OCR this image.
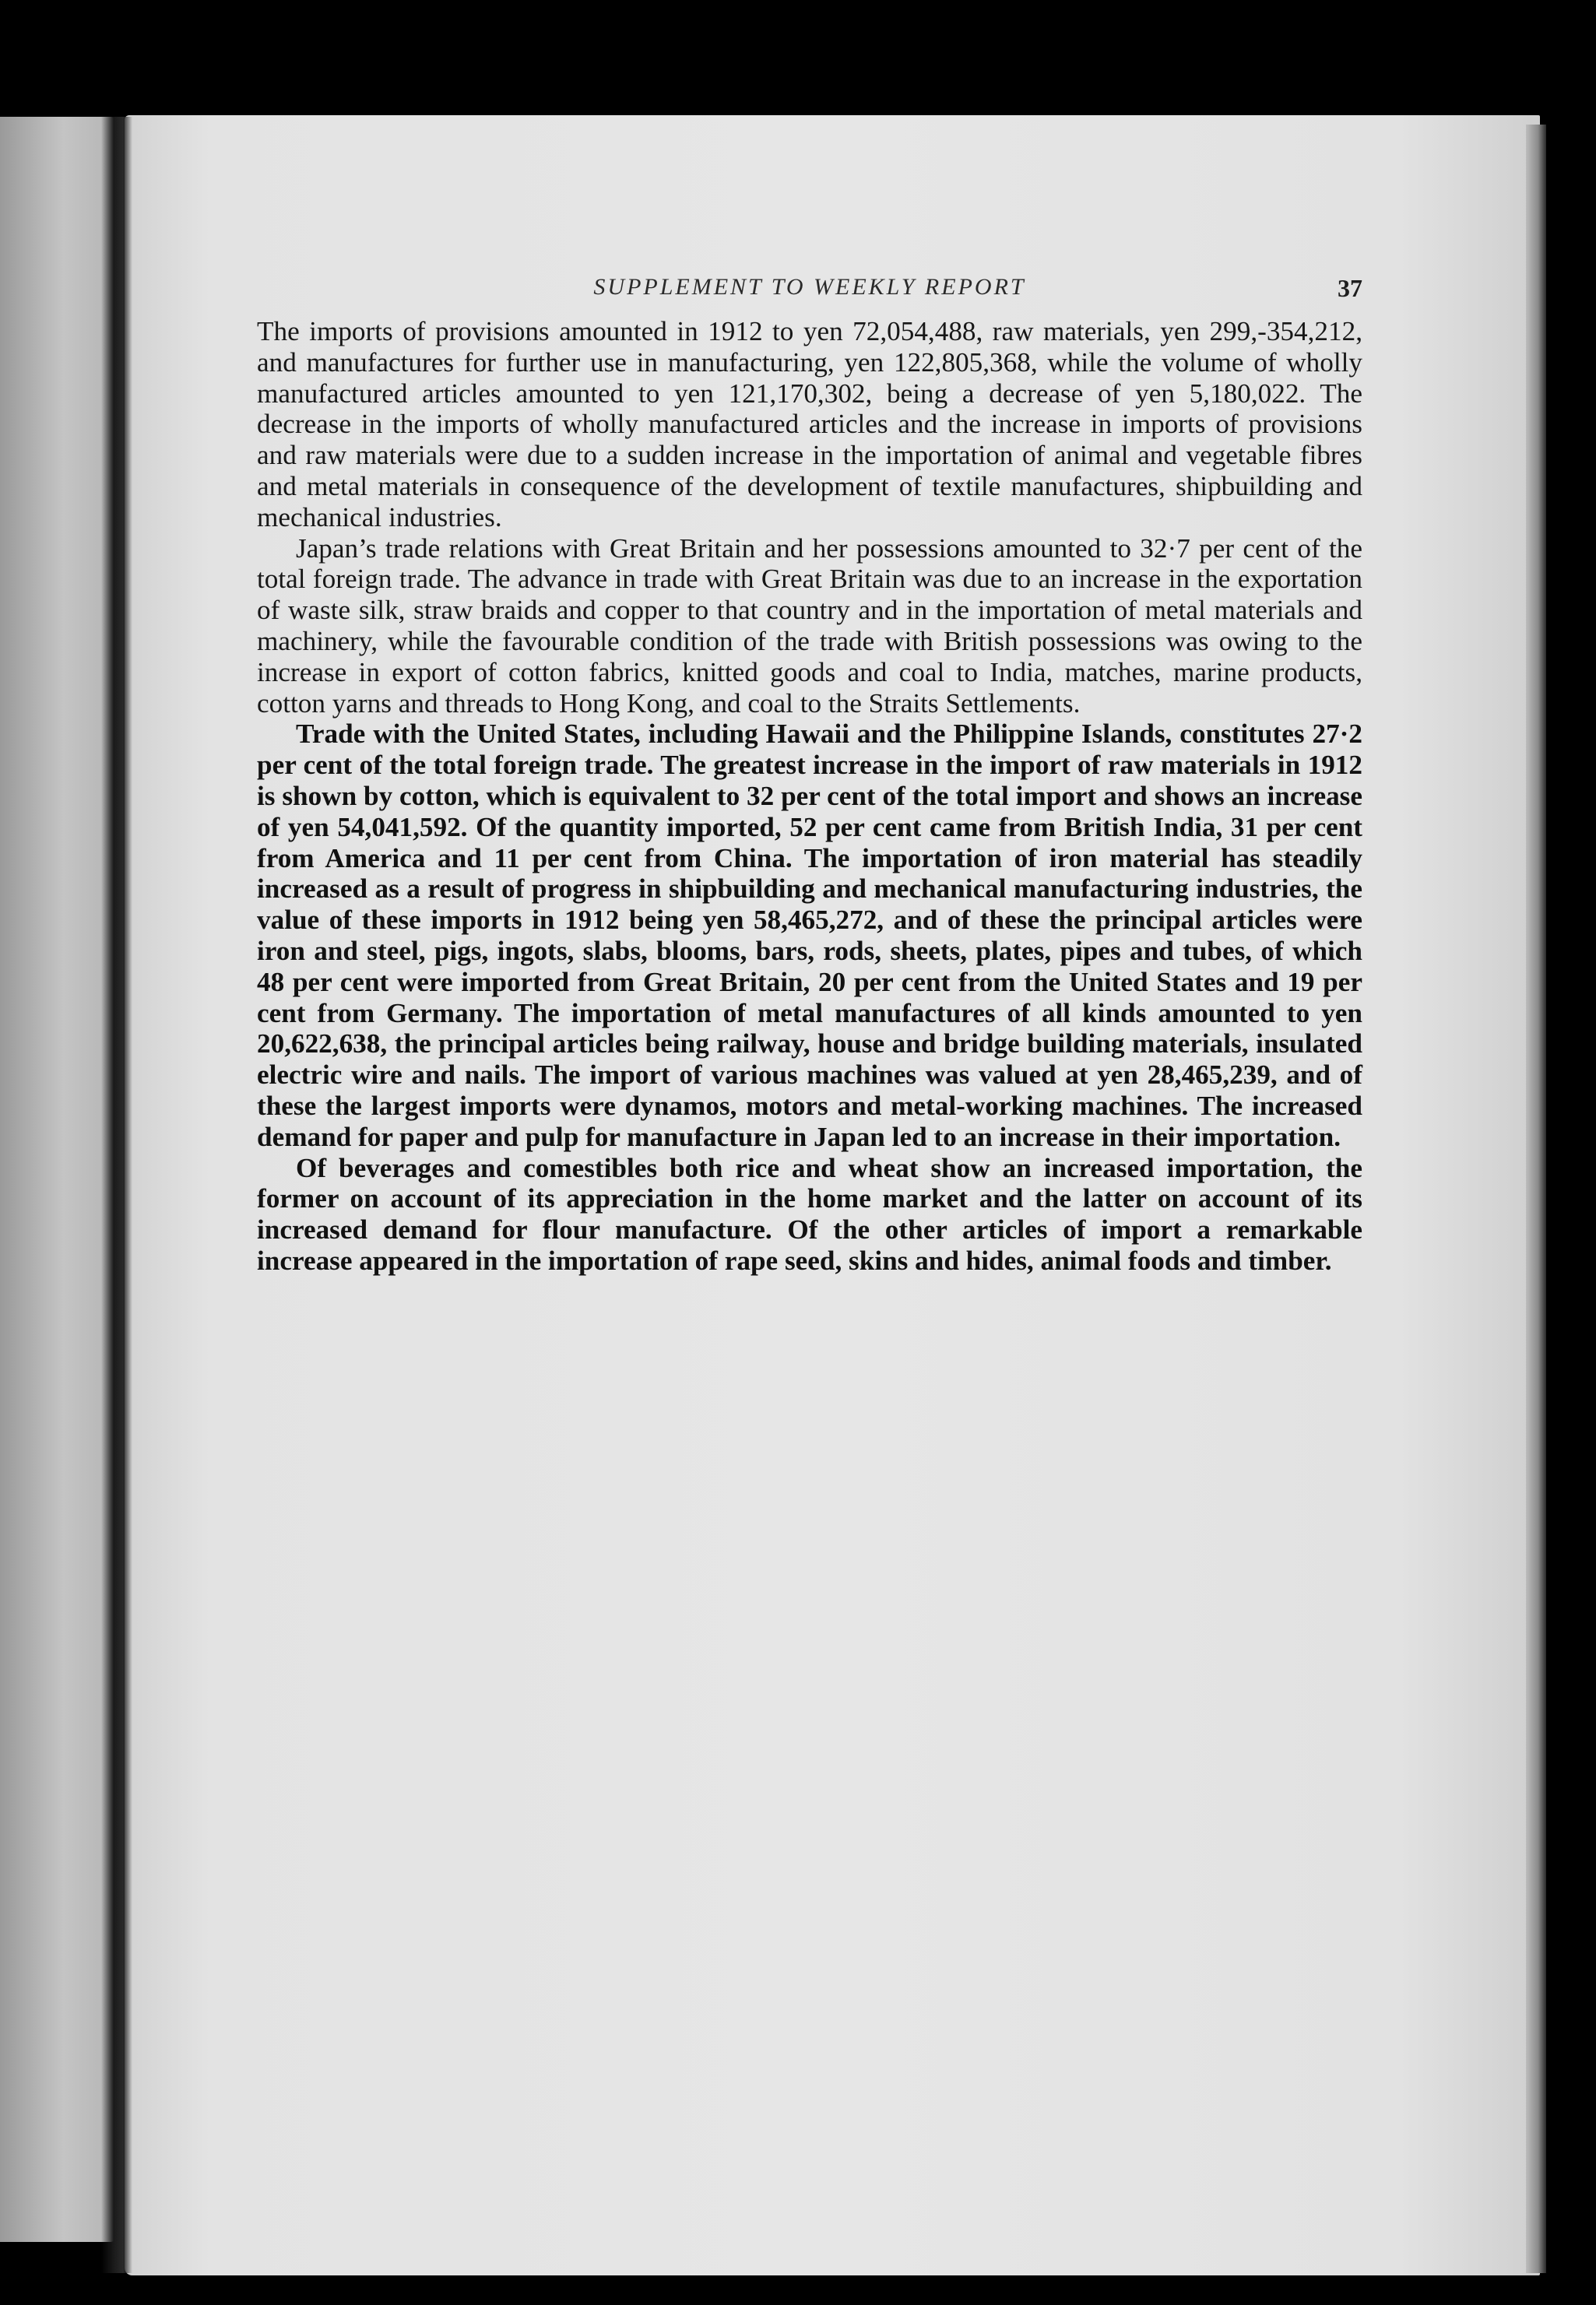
SUPPLEMENT TO WEEKLY REPORT	37

The imports of provisions amounted in 1912 to yen 72,054,488, raw materials, yen 299,-354,212, and manufactures for further use in manufacturing, yen 122,805,368, while the volume of wholly manufactured articles amounted to yen 121,170,302, being a decrease of yen 5,180,022. The decrease in the imports of wholly manufactured articles and the increase in imports of provisions and raw materials were due to a sudden increase in the importation of animal and vegetable fibres and metal materials in consequence of the development of textile manufactures, shipbuilding and mechanical industries.

Japan’s trade relations with Great Britain and her possessions amounted to 32·7 per cent of the total foreign trade. The advance in trade with Great Britain was due to an increase in the exportation of waste silk, straw braids and copper to that country and in the importation of metal materials and machinery, while the favourable condition of the trade with British possessions was owing to the increase in export of cotton fabrics, knitted goods and coal to India, matches, marine products, cotton yarns and threads to Hong Kong, and coal to the Straits Settlements.

Trade with the United States, including Hawaii and the Philippine Islands, constitutes 27·2 per cent of the total foreign trade. The greatest increase in the import of raw materials in 1912 is shown by cotton, which is equivalent to 32 per cent of the total import and shows an increase of yen 54,041,592. Of the quantity imported, 52 per cent came from British India, 31 per cent from America and 11 per cent from China. The importation of iron material has steadily increased as a result of progress in shipbuilding and mechanical manufacturing industries, the value of these imports in 1912 being yen 58,465,272, and of these the principal articles were iron and steel, pigs, ingots, slabs, blooms, bars, rods, sheets, plates, pipes and tubes, of which 48 per cent were imported from Great Britain, 20 per cent from the United States and 19 per cent from Germany. The importation of metal manufactures of all kinds amounted to yen 20,622,638, the principal articles being railway, house and bridge building materials, insulated electric wire and nails. The import of various machines was valued at yen 28,465,239, and of these the largest imports were dynamos, motors and metal-working machines. The increased demand for paper and pulp for manufacture in Japan led to an increase in their importation.

Of beverages and comestibles both rice and wheat show an increased importation, the former on account of its appreciation in the home market and the latter on account of its increased demand for flour manufacture. Of the other articles of import a remarkable increase appeared in the importation of rape seed, skins and hides, animal foods and timber.
